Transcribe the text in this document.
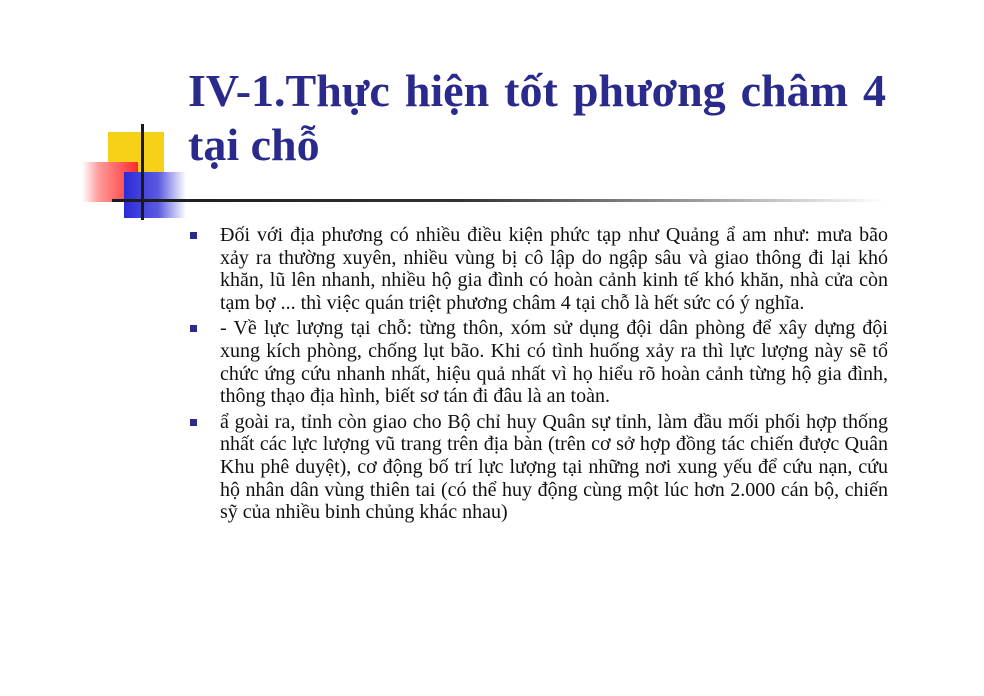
IV-1.Thực hiện tốt phương châm 4 tại chỗ
Đối với địa phương có nhiều điều kiện phức tạp như Quảng ẩ am như: mưa bão xảy ra thường xuyên, nhiều vùng bị cô lập do ngập sâu và giao thông đi lại khó khăn, lũ lên nhanh, nhiều hộ gia đình có hoàn cảnh kinh tế khó khăn, nhà cửa còn tạm bợ ... thì việc quán triệt phương châm 4 tại chỗ là hết sức có ý nghĩa.
- Về lực lượng tại chỗ: từng thôn, xóm sử dụng đội dân phòng để xây dựng đội xung kích phòng, chống lụt bão. Khi có tình huống xảy ra thì lực lượng này sẽ tổ chức ứng cứu nhanh nhất, hiệu quả nhất vì họ hiểu rõ hoàn cảnh từng hộ gia đình, thông thạo địa hình, biết sơ tán đi đâu là an toàn.
ẩ goài ra, tỉnh còn giao cho Bộ chỉ huy Quân sự tỉnh, làm đầu mối phối hợp thống nhất các lực lượng vũ trang trên địa bàn (trên cơ sở hợp đồng tác chiến được Quân Khu phê duyệt), cơ động bố trí lực lượng tại những nơi xung yếu để cứu nạn, cứu hộ nhân dân vùng thiên tai (có thể huy động cùng một lúc hơn 2.000 cán bộ, chiến sỹ của nhiều binh chủng khác nhau)
